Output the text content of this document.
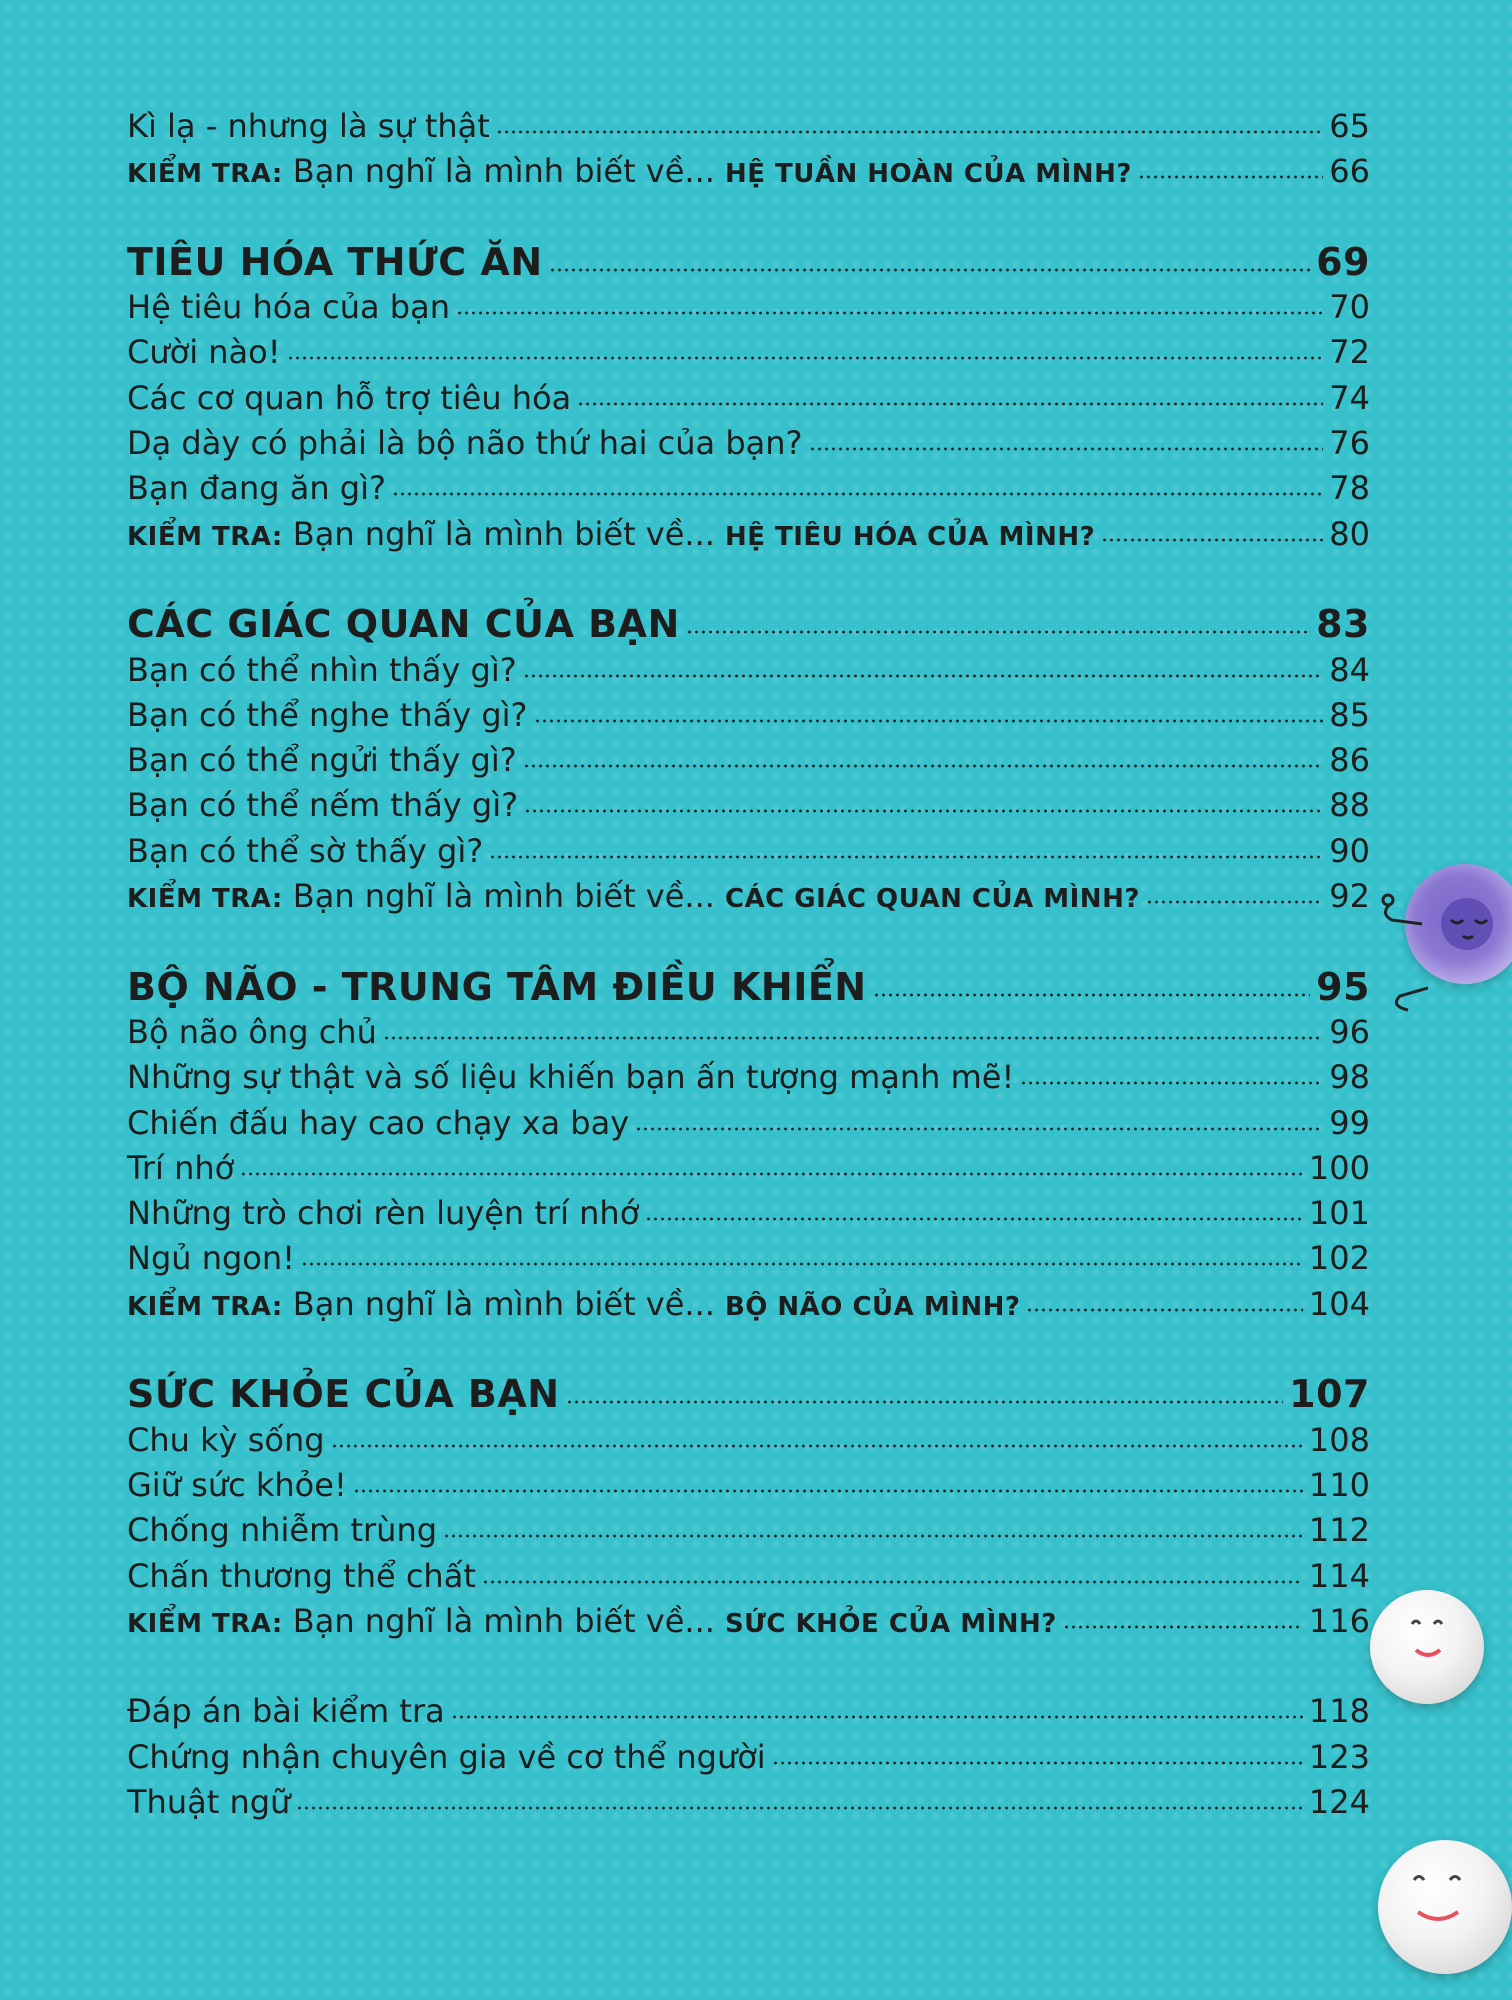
Kì lạ - nhưng là sự thật	65
KIỂM TRA: Bạn nghĩ là mình biết về... HỆ TUẦN HOÀN CỦA MÌNH?	66
TIÊU HÓA THỨC ĂN	69
Hệ tiêu hóa của bạn	70
Cười nào!	72
Các cơ quan hỗ trợ tiêu hóa	74
Dạ dày có phải là bộ não thứ hai của bạn?	76
Bạn đang ăn gì?	78
KIỂM TRA: Bạn nghĩ là mình biết về... HỆ TIÊU HÓA CỦA MÌNH?	80
CÁC GIÁC QUAN CỦA BẠN	83
Bạn có thể nhìn thấy gì?	84
Bạn có thể nghe thấy gì?	85
Bạn có thể ngửi thấy gì?	86
Bạn có thể nếm thấy gì?	88
Bạn có thể sờ thấy gì?	90
KIỂM TRA: Bạn nghĩ là mình biết về... CÁC GIÁC QUAN CỦA MÌNH?	92
BỘ NÃO - TRUNG TÂM ĐIỀU KHIỂN	95
Bộ não ông chủ	96
Những sự thật và số liệu khiến bạn ấn tượng mạnh mẽ!	98
Chiến đấu hay cao chạy xa bay	99
Trí nhớ	100
Những trò chơi rèn luyện trí nhớ	101
Ngủ ngon!	102
KIỂM TRA: Bạn nghĩ là mình biết về... BỘ NÃO CỦA MÌNH?	104
SỨC KHỎE CỦA BẠN	107
Chu kỳ sống	108
Giữ sức khỏe!	110
Chống nhiễm trùng	112
Chấn thương thể chất	114
KIỂM TRA: Bạn nghĩ là mình biết về... SỨC KHỎE CỦA MÌNH?	116
Đáp án bài kiểm tra	118
Chứng nhận chuyên gia về cơ thể người	123
Thuật ngữ	124
